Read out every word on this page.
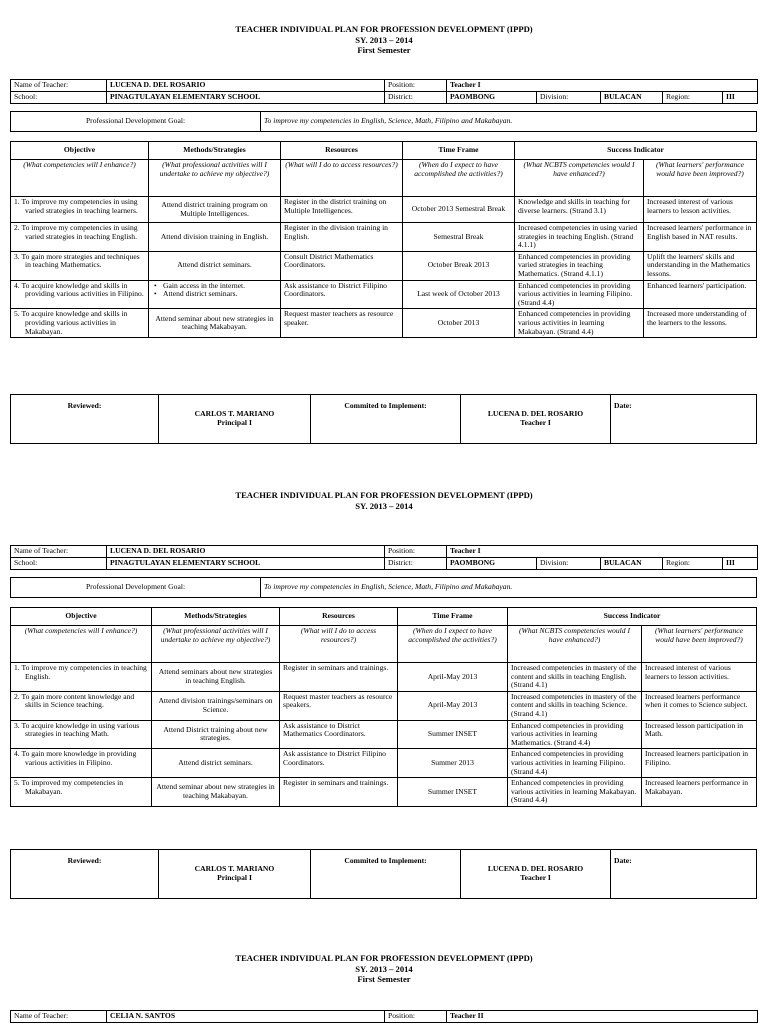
TEACHER INDIVIDUAL PLAN FOR PROFESSION DEVELOPMENT (IPPD)
SY. 2013 – 2014
First Semester
Name of Teacher:	LUCENA D. DEL ROSARIO	Position:	Teacher I				
School:	PINAGTULAYAN ELEMENTARY SCHOOL	District:	PAOMBONG	Division:	BULACAN	Region:	III
Professional Development Goal:	To improve my competencies in English, Science, Math, Filipino and Makabayan.
Objective	Methods/Strategies	Resources	Time Frame	Success Indicator	
(What competencies will I enhance?)	(What professional activities will I undertake to achieve my objective?)	(What will I do to access resources?)	(When do I expect to have accomplished the activities?)	(What NCBTS competencies would I have enhanced?)	(What learners' performance would have been improved?)
1. To improve my competencies in using varied strategies in teaching learners.	Attend district training program on Multiple Intelligences.	Register in the district training on Multiple Intelligences.	October 2013 Semestral Break	Knowledge and skills in teaching for diverse learners. (Strand 3.1)	Increased interest of various learners to lesson activities.
2. To improve my competencies in using varied strategies in teaching English.	Attend division training in English.	Register in the division training in English.	Semestral Break	Increased competencies in using varied strategies in teaching English. (Strand 4.1.1)	Increased learners' performance in English based in NAT results.
3. To gain more strategies and techniques in teaching Mathematics.	Attend district seminars.	Consult District Mathematics Coordinators.	October Break 2013	Enhanced competencies in providing varied strategies in teaching Mathematics. (Strand 4.1.1)	Uplift the learners' skills and understanding in the Mathematics lessons.
4. To acquire knowledge and skills in providing various activities in Filipino.	• Gain access in the internet.
• Attend district seminars.	Ask assistance to District Filipino Coordinators.	Last week of October 2013	Enhanced competencies in providing various activities in learning Filipino. (Strand 4.4)	Enhanced learners' participation.
5. To acquire knowledge and skills in providing various activities in Makabayan.	Attend seminar about new strategies in teaching Makabayan.	Request master teachers as resource speaker.	October 2013	Enhanced competencies in providing various activities in learning Makabayan. (Strand 4.4)	Increased more understanding of the learners to the lessons.
Reviewed:	
CARLOS T. MARIANO
Principal I
	Commited to Implement:	
LUCENA D. DEL ROSARIO
Teacher I
	Date:
TEACHER INDIVIDUAL PLAN FOR PROFESSION DEVELOPMENT (IPPD)
SY. 2013 – 2014
Name of Teacher:	LUCENA D. DEL ROSARIO	Position:	Teacher I				
School:	PINAGTULAYAN ELEMENTARY SCHOOL	District:	PAOMBONG	Division:	BULACAN	Region:	III
Professional Development Goal:	To improve my competencies in English, Science, Math, Filipino and Makabayan.
Objective	Methods/Strategies	Resources	Time Frame	Success Indicator	
(What competencies will I enhance?)	(What professional activities will I undertake to achieve my objective?)	(What will I do to access resources?)	(When do I expect to have accomplished the activities?)	(What NCBTS competencies would I have enhanced?)	(What learners' performance would have been improved?)
1. To improve my competencies in teaching English.	Attend seminars about new strategies in teaching English.	Register in seminars and trainings.	April-May 2013	Increased competencies in mastery of the content and skills in teaching English. (Strand 4.1)	Increased interest of various learners to lesson activities.
2. To gain more content knowledge and skills in Science teaching.	Attend division trainings/seminars on Science.	Request master teachers as resource speakers.	April-May 2013	Increased competencies in mastery of the content and skills in teaching Science. (Strand 4.1)	Increased learners performance when it comes to Science subject.
3. To acquire knowledge in using various strategies in teaching Math.	Attend District training about new strategies.	Ask assistance to District Mathematics Coordinators.	Summer INSET	Enhanced competencies in providing various activities in learning Mathematics. (Strand 4.4)	Increased lesson participation in Math.
4. To gain more knowledge in providing various activities in Filipino.	Attend district seminars.	Ask assistance to District Filipino Coordinators.	Summer 2013	Enhanced competencies in providing various activities in learning Filipino. (Strand 4.4)	Increased learners participation in Filipino.
5. To improved my competencies in Makabayan.	Attend seminar about new strategies in teaching Makabayan.	Register in seminars and trainings.	Summer INSET	Enhanced competencies in providing various activities in learning Makabayan. (Strand 4.4)	Increased learners performance in Makabayan.
Reviewed:	
CARLOS T. MARIANO
Principal I
	Commited to Implement:	
LUCENA D. DEL ROSARIO
Teacher I
	Date:
TEACHER INDIVIDUAL PLAN FOR PROFESSION DEVELOPMENT (IPPD)
SY. 2013 – 2014
First Semester
Name of Teacher:	CELIA N. SANTOS	Position:	Teacher II
